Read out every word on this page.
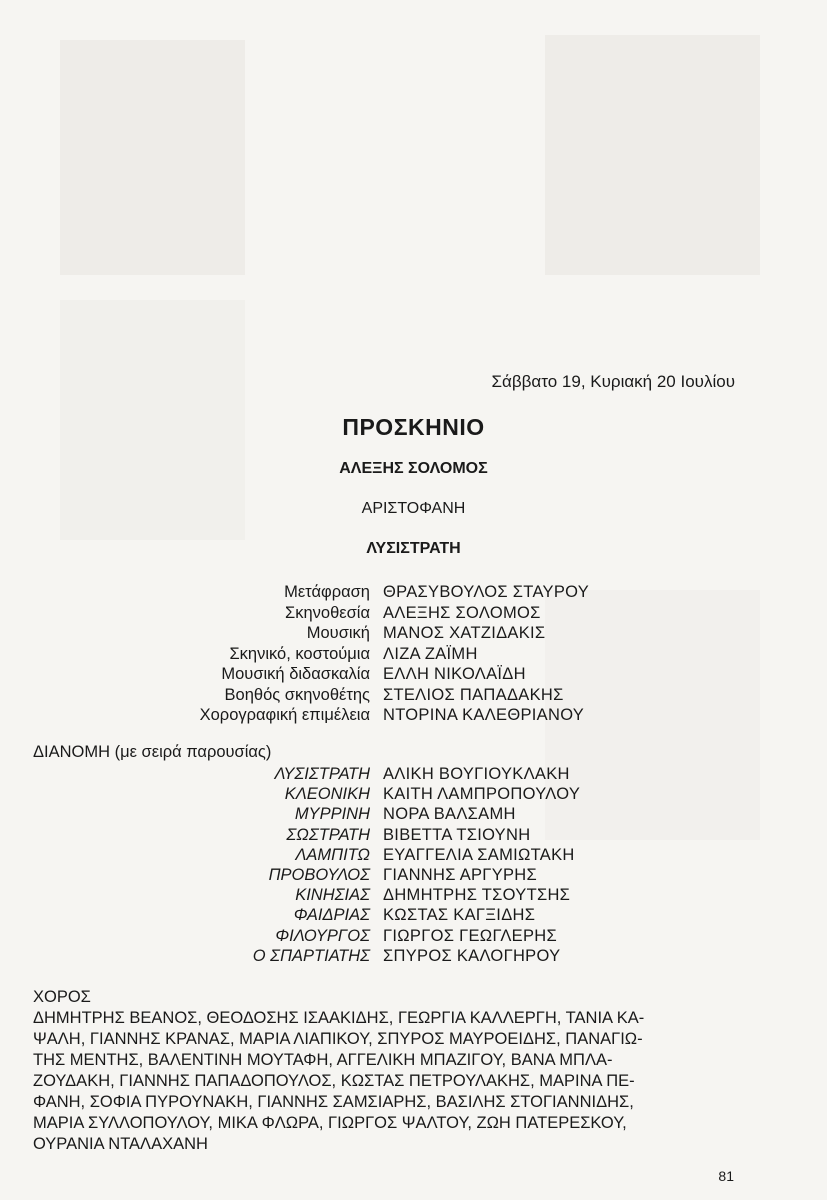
Σάββατο 19, Κυριακή 20 Ιουλίου
ΠΡΟΣΚΗΝΙΟ
ΑΛΕΞΗΣ ΣΟΛΟΜΟΣ
ΑΡΙΣΤΟΦΑΝΗ
ΛΥΣΙΣΤΡΑΤΗ
Μετάφραση ΘΡΑΣΥΒΟΥΛΟΣ ΣΤΑΥΡΟΥ
Σκηνοθεσία ΑΛΕΞΗΣ ΣΟΛΟΜΟΣ
Μουσική ΜΑΝΟΣ ΧΑΤΖΙΔΑΚΙΣ
Σκηνικό, κοστούμια ΛΙΖΑ ΖΑΪΜΗ
Μουσική διδασκαλία ΕΛΛΗ ΝΙΚΟΛΑΪΔΗ
Βοηθός σκηνοθέτης ΣΤΕΛΙΟΣ ΠΑΠΑΔΑΚΗΣ
Χορογραφική επιμέλεια ΝΤΟΡΙΝΑ ΚΑΛΕΘΡΙΑΝΟΥ
ΔΙΑΝΟΜΗ (με σειρά παρουσίας)
ΛΥΣΙΣΤΡΑΤΗ ΑΛΙΚΗ ΒΟΥΓΙΟΥΚΛΑΚΗ
ΚΛΕΟΝΙΚΗ ΚΑΙΤΗ ΛΑΜΠΡΟΠΟΥΛΟΥ
ΜΥΡΡΙΝΗ ΝΟΡΑ ΒΑΛΣΑΜΗ
ΣΩΣΤΡΑΤΗ ΒΙΒΕΤΤΑ ΤΣΙΟΥΝΗ
ΛΑΜΠΙΤΩ ΕΥΑΓΓΕΛΙΑ ΣΑΜΙΩΤΑΚΗ
ΠΡΟΒΟΥΛΟΣ ΓΙΑΝΝΗΣ ΑΡΓΥΡΗΣ
ΚΙΝΗΣΙΑΣ ΔΗΜΗΤΡΗΣ ΤΣΟΥΤΣΗΣ
ΦΑΙΔΡΙΑΣ ΚΩΣΤΑΣ ΚΑΓΞΙΔΗΣ
ΦΙΛΟΥΡΓΟΣ ΓΙΩΡΓΟΣ ΓΕΩΓΛΕΡΗΣ
Ο ΣΠΑΡΤΙΑΤΗΣ ΣΠΥΡΟΣ ΚΑΛΟΓΗΡΟΥ
ΧΟΡΟΣ
ΔΗΜΗΤΡΗΣ ΒΕΑΝΟΣ, ΘΕΟΔΟΣΗΣ ΙΣΑΑΚΙΔΗΣ, ΓΕΩΡΓΙΑ ΚΑΛΛΕΡΓΗ, ΤΑΝΙΑ ΚΑ-
ΨΑΛΗ, ΓΙΑΝΝΗΣ ΚΡΑΝΑΣ, ΜΑΡΙΑ ΛΙΑΠΙΚΟΥ, ΣΠΥΡΟΣ ΜΑΥΡΟΕΙΔΗΣ, ΠΑΝΑΓΙΩ-
ΤΗΣ ΜΕΝΤΗΣ, ΒΑΛΕΝΤΙΝΗ ΜΟΥΤΑΦΗ, ΑΓΓΕΛΙΚΗ ΜΠΑΖΙΓΟΥ, ΒΑΝΑ ΜΠΛΑ-
ΖΟΥΔΑΚΗ, ΓΙΑΝΝΗΣ ΠΑΠΑΔΟΠΟΥΛΟΣ, ΚΩΣΤΑΣ ΠΕΤΡΟΥΛΑΚΗΣ, ΜΑΡΙΝΑ ΠΕ-
ΦΑΝΗ, ΣΟΦΙΑ ΠΥΡΟΥΝΑΚΗ, ΓΙΑΝΝΗΣ ΣΑΜΣΙΑΡΗΣ, ΒΑΣΙΛΗΣ ΣΤΟΓΙΑΝΝΙΔΗΣ,
ΜΑΡΙΑ ΣΥΛΛΟΠΟΥΛΟΥ, ΜΙΚΑ ΦΛΩΡΑ, ΓΙΩΡΓΟΣ ΨΑΛΤΟΥ, ΖΩΗ ΠΑΤΕΡΕΣΚΟΥ,
ΟΥΡΑΝΙΑ ΝΤΑΛΑΧΑΝΗ
81
